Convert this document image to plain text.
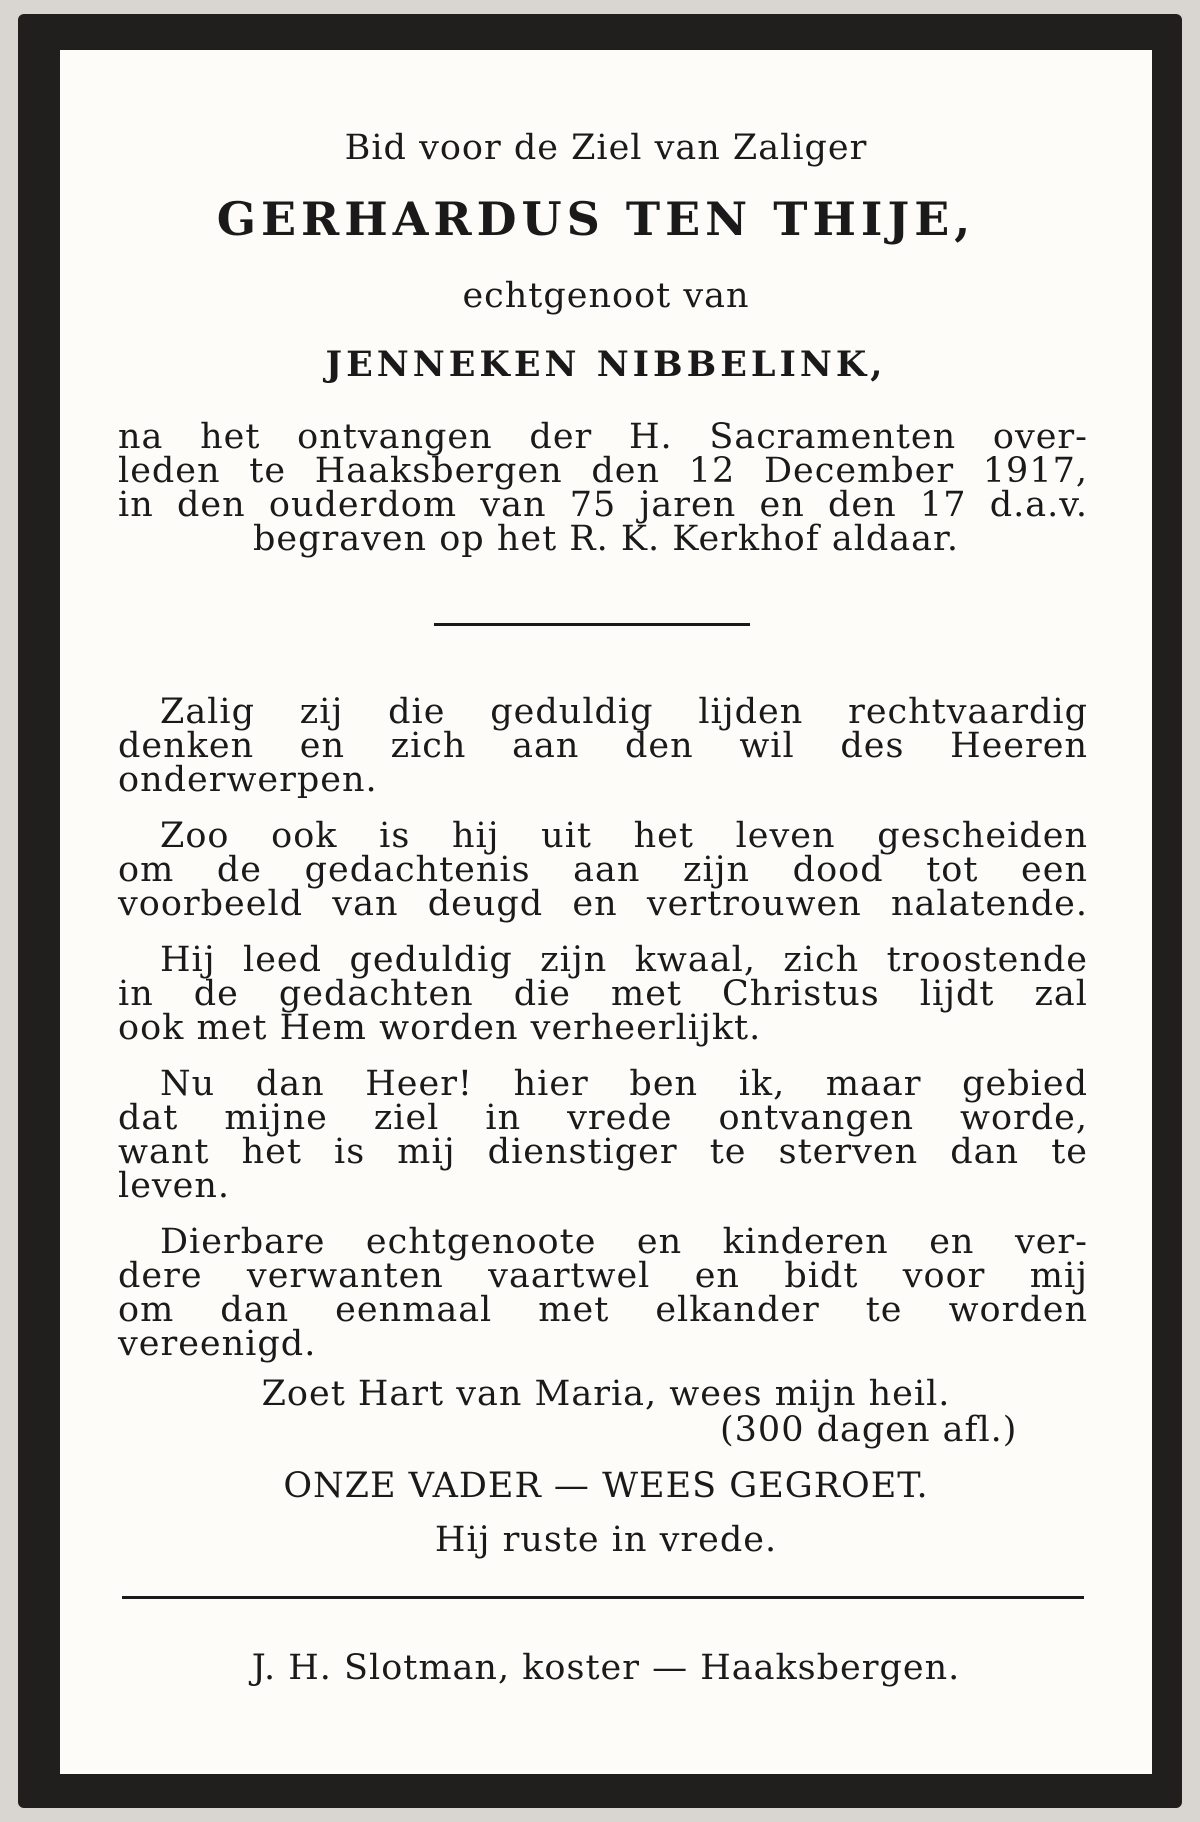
Bid voor de Ziel van Zaliger
GERHARDUS TEN THIJE,
echtgenoot van
JENNEKEN NIBBELINK,
na het ontvangen der H. Sacramenten over-
leden te Haaksbergen den 12 December 1917,
in den ouderdom van 75 jaren en den 17 d.a.v.
begraven op het R. K. Kerkhof aldaar.
Zalig zij die geduldig lijden rechtvaardig
denken en zich aan den wil des Heeren
onderwerpen.
Zoo ook is hij uit het leven gescheiden
om de gedachtenis aan zijn dood tot een
voorbeeld van deugd en vertrouwen nalatende.
Hij leed geduldig zijn kwaal, zich troostende
in de gedachten die met Christus lijdt zal
ook met Hem worden verheerlijkt.
Nu dan Heer! hier ben ik, maar gebied
dat mijne ziel in vrede ontvangen worde,
want het is mij dienstiger te sterven dan te
leven.
Dierbare echtgenoote en kinderen en ver-
dere verwanten vaartwel en bidt voor mij
om dan eenmaal met elkander te worden
vereenigd.
Zoet Hart van Maria, wees mijn heil.
(300 dagen afl.)
ONZE VADER — WEES GEGROET.
Hij ruste in vrede.
J. H. Slotman, koster — Haaksbergen.
